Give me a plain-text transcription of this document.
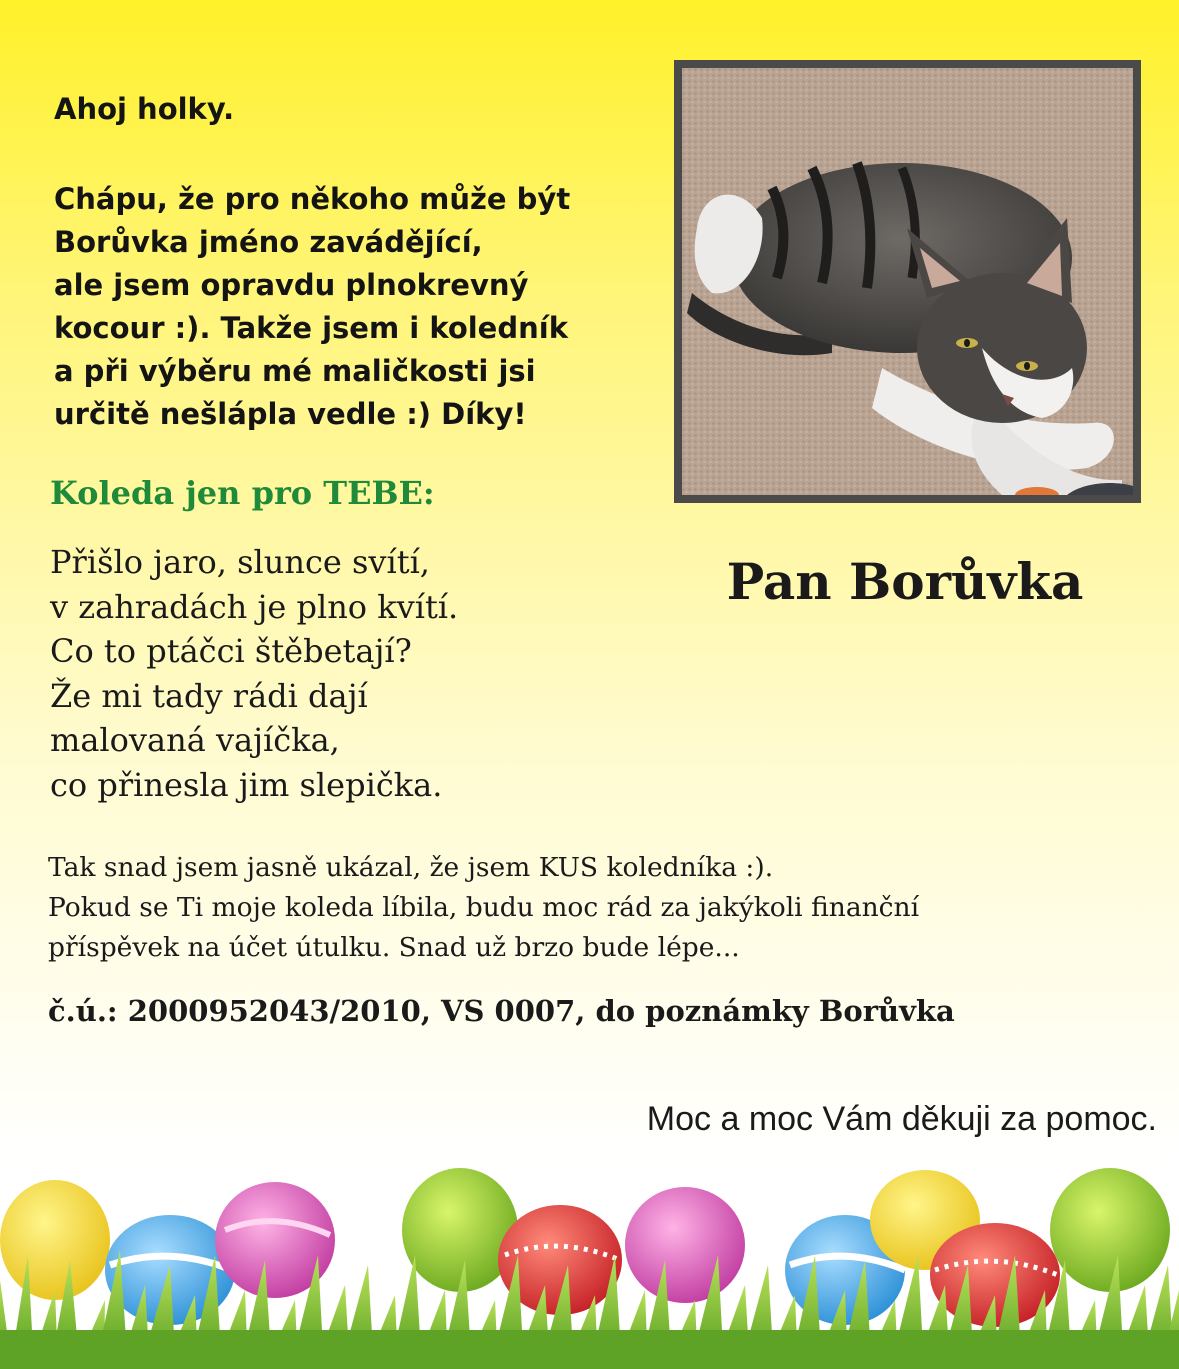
Ahoj holky.

Chápu, že pro někoho může být
Borůvka jméno zavádějící,
ale jsem opravdu plnokrevný
kocour :). Takže jsem i koledník
a při výběru mé maličkosti jsi
určitě nešlápla vedle :) Díky!
Koleda jen pro TEBE:
Přišlo jaro, slunce svítí,
v zahradách je plno kvítí.
Co to ptáčci štěbetají?
Že mi tady rádi dají
malovaná vajíčka,
co přinesla jim slepička.

Pan Borůvka

Tak snad jsem jasně ukázal, že jsem KUS koledníka :).
Pokud se Ti moje koleda líbila, budu moc rád za jakýkoli finanční
příspěvek na účet útulku. Snad už brzo bude lépe...

č.ú.: 2000952043/2010, VS 0007, do poznámky Borůvka

Moc a moc Vám děkuji za pomoc.
